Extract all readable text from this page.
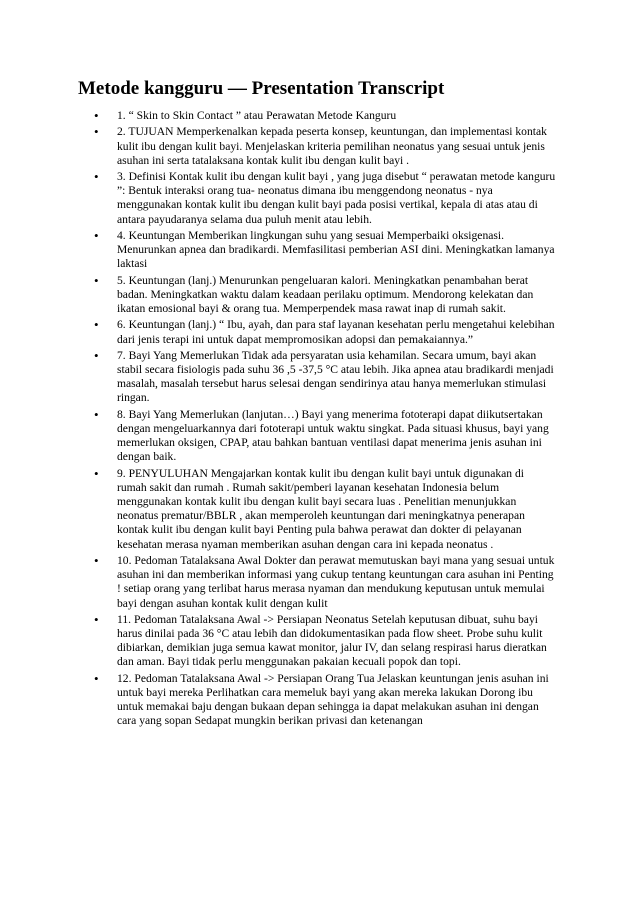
Metode kangguru — Presentation Transcript
• 1. “ Skin to Skin Contact ” atau Perawatan Metode Kanguru
• 2. TUJUAN Memperkenalkan kepada peserta konsep, keuntungan, dan implementasi kontak kulit ibu dengan kulit bayi. Menjelaskan kriteria pemilihan neonatus yang sesuai untuk jenis asuhan ini serta tatalaksana kontak kulit ibu dengan kulit bayi .
• 3. Definisi Kontak kulit ibu dengan kulit bayi , yang juga disebut “ perawatan metode kanguru ”: Bentuk interaksi orang tua- neonatus dimana ibu menggendong neonatus - nya menggunakan kontak kulit ibu dengan kulit bayi pada posisi vertikal, kepala di atas atau di antara payudaranya selama dua puluh menit atau lebih.
• 4. Keuntungan Memberikan lingkungan suhu yang sesuai Memperbaiki oksigenasi. Menurunkan apnea dan bradikardi. Memfasilitasi pemberian ASI dini. Meningkatkan lamanya laktasi
• 5. Keuntungan (lanj.) Menurunkan pengeluaran kalori. Meningkatkan penambahan berat badan. Meningkatkan waktu dalam keadaan perilaku optimum. Mendorong kelekatan dan ikatan emosional bayi & orang tua. Memperpendek masa rawat inap di rumah sakit.
• 6. Keuntungan (lanj.) “ Ibu, ayah, dan para staf layanan kesehatan perlu mengetahui kelebihan dari jenis terapi ini untuk dapat mempromosikan adopsi dan pemakaiannya.”
• 7. Bayi Yang Memerlukan Tidak ada persyaratan usia kehamilan. Secara umum, bayi akan stabil secara fisiologis pada suhu 36 ,5 -37,5 °C atau lebih. Jika apnea atau bradikardi menjadi masalah, masalah tersebut harus selesai dengan sendirinya atau hanya memerlukan stimulasi ringan.
• 8. Bayi Yang Memerlukan (lanjutan…) Bayi yang menerima fototerapi dapat diikutsertakan dengan mengeluarkannya dari fototerapi untuk waktu singkat. Pada situasi khusus, bayi yang memerlukan oksigen, CPAP, atau bahkan bantuan ventilasi dapat menerima jenis asuhan ini dengan baik.
• 9. PENYULUHAN Mengajarkan kontak kulit ibu dengan kulit bayi untuk digunakan di rumah sakit dan rumah . Rumah sakit/pemberi layanan kesehatan Indonesia belum menggunakan kontak kulit ibu dengan kulit bayi secara luas . Penelitian menunjukkan neonatus prematur/BBLR , akan memperoleh keuntungan dari meningkatnya penerapan kontak kulit ibu dengan kulit bayi Penting pula bahwa perawat dan dokter di pelayanan kesehatan merasa nyaman memberikan asuhan dengan cara ini kepada neonatus .
• 10. Pedoman Tatalaksana Awal Dokter dan perawat memutuskan bayi mana yang sesuai untuk asuhan ini dan memberikan informasi yang cukup tentang keuntungan cara asuhan ini Penting ! setiap orang yang terlibat harus merasa nyaman dan mendukung keputusan untuk memulai bayi dengan asuhan kontak kulit dengan kulit
• 11. Pedoman Tatalaksana Awal -> Persiapan Neonatus Setelah keputusan dibuat, suhu bayi harus dinilai pada 36 °C atau lebih dan didokumentasikan pada flow sheet. Probe suhu kulit dibiarkan, demikian juga semua kawat monitor, jalur IV, dan selang respirasi harus dieratkan dan aman. Bayi tidak perlu menggunakan pakaian kecuali popok dan topi.
• 12. Pedoman Tatalaksana Awal -> Persiapan Orang Tua Jelaskan keuntungan jenis asuhan ini untuk bayi mereka Perlihatkan cara memeluk bayi yang akan mereka lakukan Dorong ibu untuk memakai baju dengan bukaan depan sehingga ia dapat melakukan asuhan ini dengan cara yang sopan Sedapat mungkin berikan privasi dan ketenangan
